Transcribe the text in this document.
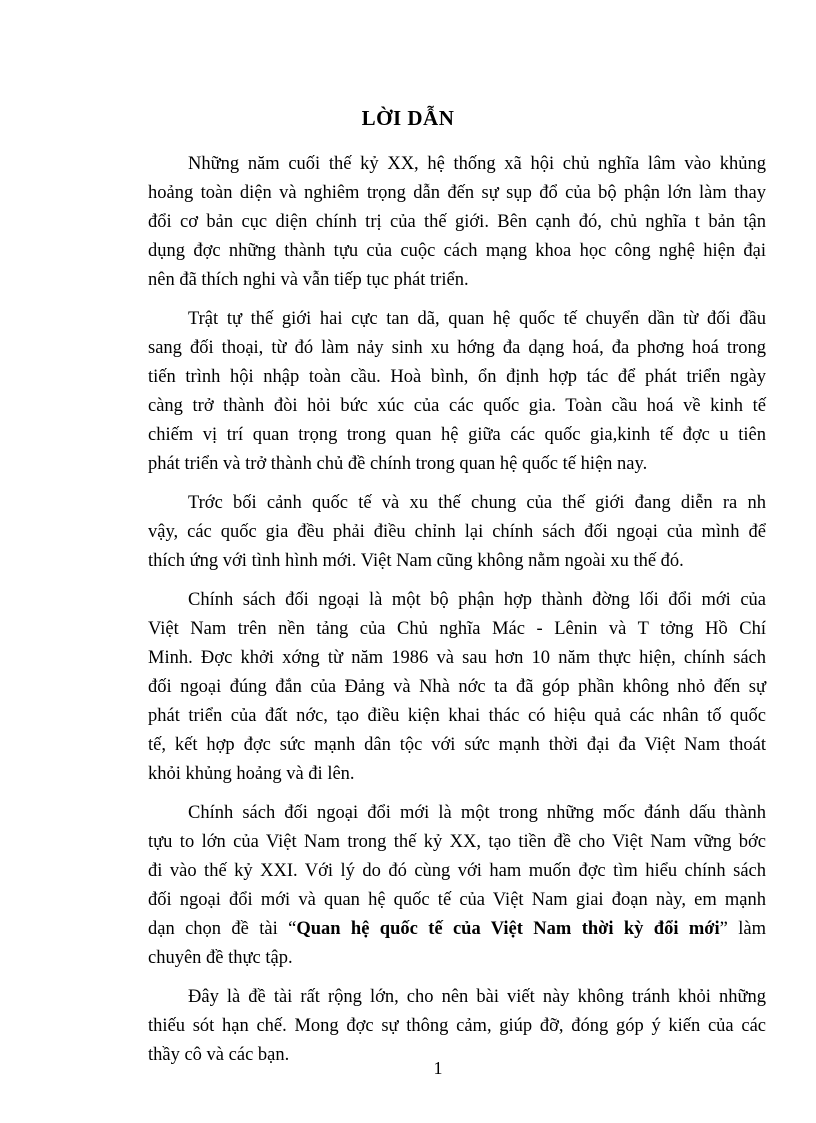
LỜI DẪN
Những năm cuối thế kỷ XX, hệ thống xã hội chủ nghĩa lâm vào khủng
hoảng toàn diện và nghiêm trọng dẫn đến sự sụp đổ của bộ phận lớn làm thay
đổi cơ bản cục diện chính trị của thế giới. Bên cạnh đó, chủ nghĩa t bản tận
dụng đợc những thành tựu của cuộc cách mạng khoa học công nghệ hiện đại
nên đã thích nghi và vẫn tiếp tục phát triển.
Trật tự thế giới hai cực tan dã, quan hệ quốc tế chuyển dần từ đối đầu
sang đối thoại, từ đó làm nảy sinh xu hớng đa dạng hoá, đa phơng hoá trong
tiến trình hội nhập toàn cầu. Hoà bình, ổn định hợp tác để phát triển ngày
càng trở thành đòi hỏi bức xúc của các quốc gia. Toàn cầu hoá về kinh tế
chiếm vị trí quan trọng trong quan hệ giữa các quốc gia,kinh tế đợc u tiên
phát triển và trở thành chủ đề chính trong quan hệ quốc tế hiện nay.
Trớc bối cảnh quốc tế và xu thế chung của thế giới đang diễn ra nh
vậy, các quốc gia đều phải điều chỉnh lại chính sách đối ngoại của mình để
thích ứng với tình hình mới. Việt Nam cũng không nằm ngoài xu thế đó.
Chính sách đối ngoại là một bộ phận hợp thành đờng lối đổi mới của
Việt Nam trên nền tảng của Chủ nghĩa Mác - Lênin và T tởng Hồ Chí
Minh. Đợc khởi xớng từ năm 1986 và sau hơn 10 năm thực hiện, chính sách
đối ngoại đúng đắn của Đảng và Nhà nớc ta đã góp phần không nhỏ đến sự
phát triển của đất nớc, tạo điều kiện khai thác có hiệu quả các nhân tố quốc
tế, kết hợp đợc sức mạnh dân tộc với sức mạnh thời đại đa Việt Nam thoát
khỏi khủng hoảng và đi lên.
Chính sách đối ngoại đổi mới là một trong những mốc đánh dấu thành
tựu to lớn của Việt Nam trong thế kỷ XX, tạo tiền đề cho Việt Nam vững bớc
đi vào thế kỷ XXI. Với lý do đó cùng với ham muốn đợc tìm hiểu chính sách
đối ngoại đổi mới và quan hệ quốc tế của Việt Nam giai đoạn này, em mạnh
dạn chọn đề tài “Quan hệ quốc tế của Việt Nam thời kỳ đổi mới” làm
chuyên đề thực tập.
Đây là đề tài rất rộng lớn, cho nên bài viết này không tránh khỏi những
thiếu sót hạn chế. Mong đợc sự thông cảm, giúp đỡ, đóng góp ý kiến của các
thầy cô và các bạn.
1
